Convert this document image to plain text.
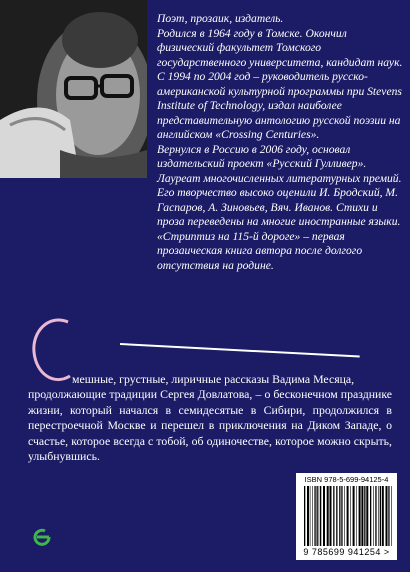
Поэт, прозаик, издатель.

Родился в 1964 году в Томске. Окончил физический факультет Томского государственного университета, кандидат наук. С 1994 по 2004 год – руководитель русско-американской культурной программы при Stevens Institute of Technology, издал наиболее представительную антологию русской поэзии на английском «Crossing Centuries».

Вернулся в Россию в 2006 году, основал издательский проект «Русский Гулливер».

Лауреат многочисленных литературных премий. Его творчество высоко оценили И. Бродский, М. Гаспаров, А. Зиновьев, Вяч. Иванов. Стихи и проза переведены на многие иностранные языки.

«Стриптиз на 115-й дороге» – первая прозаическая книга автора после долгого отсутствия на родине.

мешные, грустные, лиричные рассказы Вадима Месяца,
продолжающие традиции Сергея Довлатова, – о бесконечном празднике жизни, который начался в семидесятые в Сибири, продолжился в перестроечной Москве и перешел в приключения на Диком Западе, о счастье, которое всегда с тобой, об одиночестве, которое можно скрыть, улыбнувшись.
ISBN 978-5-699-94125-4
9 785699 941254 >
